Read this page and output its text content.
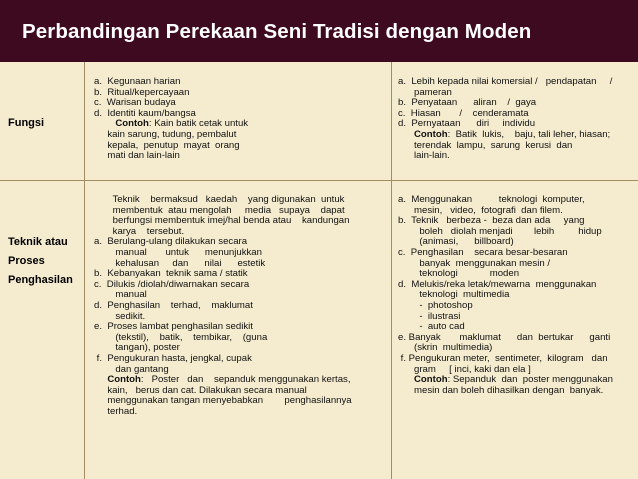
Perbandingan Perekaan Seni Tradisi dengan Moden
Fungsi
a.  Kegunaan harian
b.  Ritual/kepercayaan
c.  Warisan budaya
d.  Identiti kaum/bangsa
Contoh: Kain batik cetak untuk
kain sarung, tudung, pembalut
kepala,  penutup  mayat  orang
mati dan lain-lain
a.  Lebih kepada nilai komersial /   pendapatan     /
pameran
b.  Penyataan      aliran    /  gaya
c.  Hiasan       /    cenderamata
d.  Pernyataan      diri     individu
Contoh:  Batik  lukis,    baju, tali leher, hiasan;
terendak  lampu,  sarung  kerusi  dan
lain-lain.
Teknik atau
Proses
Penghasilan
Teknik    bermaksud   kaedah    yang digunakan  untuk
membentuk  atau mengolah     media   supaya    dapat
berfungsi membentuk imej/hal benda atau    kandungan
karya    tersebut.
a.  Berulang-ulang dilakukan secara
manual       untuk      menunjukkan
kehalusan     dan      nilai      estetik
b.  Kebanyakan  teknik sama / statik
c.  Dilukis /diolah/diwarnakan secara
manual
d.  Penghasilan    terhad,    maklumat
sedikit.
e.  Proses lambat penghasilan sedikit
(tekstil),    batik,    tembikar,    (guna
tangan), poster
f.  Pengukuran hasta, jengkal, cupak
dan gantang
Contoh:   Poster   dan    sepanduk menggunakan kertas,
kain,   berus dan cat. Dilakukan secara manual
menggunakan tangan menyebabkan        penghasilannya
terhad.
a.  Menggunakan          teknologi  komputer,
mesin,   video,  fotografi  dan filem.
b.  Teknik   berbeza -  beza dan ada     yang
boleh   diolah menjadi        lebih         hidup
(animasi,      billboard)
c.  Penghasilan    secara besar-besaran
banyak  menggunakan mesin /
teknologi            moden
d.  Melukis/reka letak/mewarna  menggunakan
teknologi  multimedia
-  photoshop
-  ilustrasi
-  auto cad
e. Banyak       maklumat      dan  bertukar      ganti
(skrin  multimedia)
f. Pengukuran meter,  sentimeter,  kilogram   dan
gram     [ inci, kaki dan ela ]
Contoh: Sepanduk  dan  poster menggunakan
mesin dan boleh dihasilkan dengan  banyak.
